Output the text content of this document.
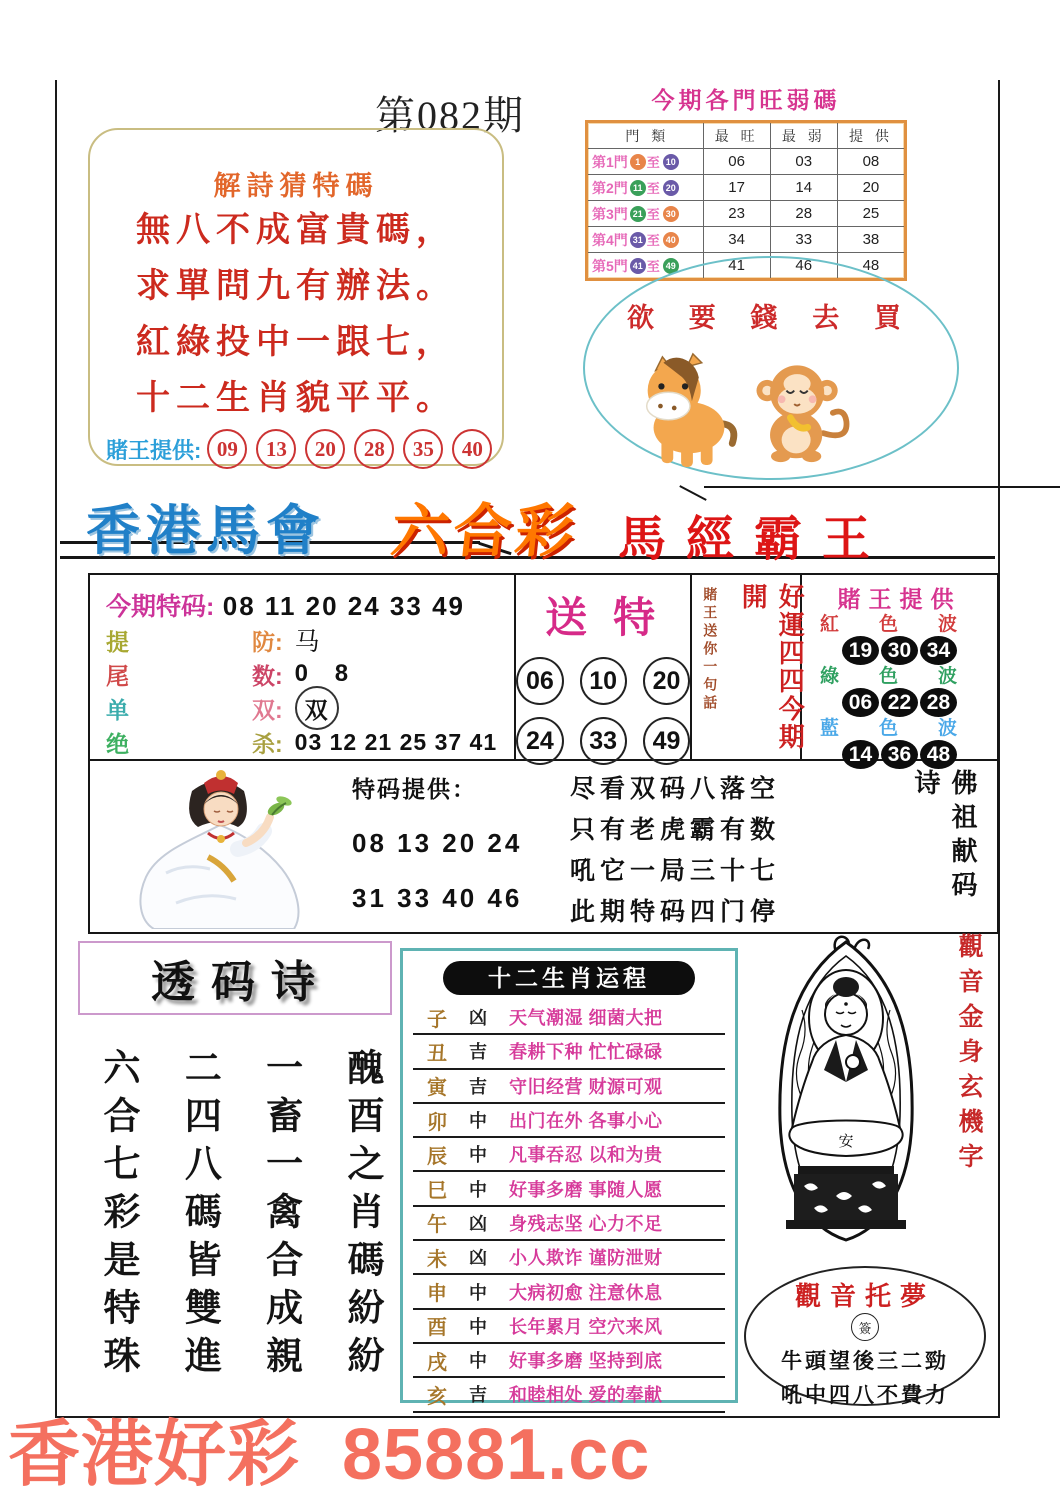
第082期
解詩猜特碼
無八不成富貴碼，
求單問九有辦法。
紅綠投中一跟七，
十二生肖貌平平。
賭王提供: 09	13	20	28	35	40
今期各門旺弱碼
門 類	最 旺	最 弱	提 供
第1門 1 至 10	06	03	08
第2門 11 至 20	17	14	20
第3門 21 至 30	23	28	25
第4門 31 至 40	34	33	38
第5門 41 至 49	41	46	48
欲 要 錢 去 買
香港馬會 六合彩 馬經霸王
今期特码: 08 11 20 24 33 49
提	防: 马
尾	数: 0 8
单	双: 双
绝	杀: 03 12 21 25 37 41
送特
06	10	20
24	33	49
賭王送你一句話	好運四四今期開	賭王提供
紅色波
19 30 34
綠色波
06 22 28
藍色波
14 36 48
特码提供：
08 13 20 24
31 33 40 46
尽看双码八落空
只有老虎霸有数
吼它一局三十七
此期特码四门停
佛祖献码诗
透码诗
醜酉之肖碼紛紛
一畜一禽合成親
二四八碼皆雙進
六合七彩是特珠
十二生肖运程
子	凶	天气潮湿 细菌大把
丑	吉	春耕下种 忙忙碌碌
寅	吉	守旧经营 财源可观
卯	中	出门在外 各事小心
辰	中	凡事吞忍 以和为贵
巳	中	好事多磨 事随人愿
午	凶	身残志坚 心力不足
未	凶	小人欺诈 谨防泄财
申	中	大病初愈 注意休息
酉	中	长年累月 空穴来风
戌	中	好事多磨 坚持到底
亥	吉	和睦相处 爱的奉献
觀音金身玄機字
安
觀音托夢
簽
牛頭望後三二勁
吼中四八不費力
香港好彩  85881.cc
